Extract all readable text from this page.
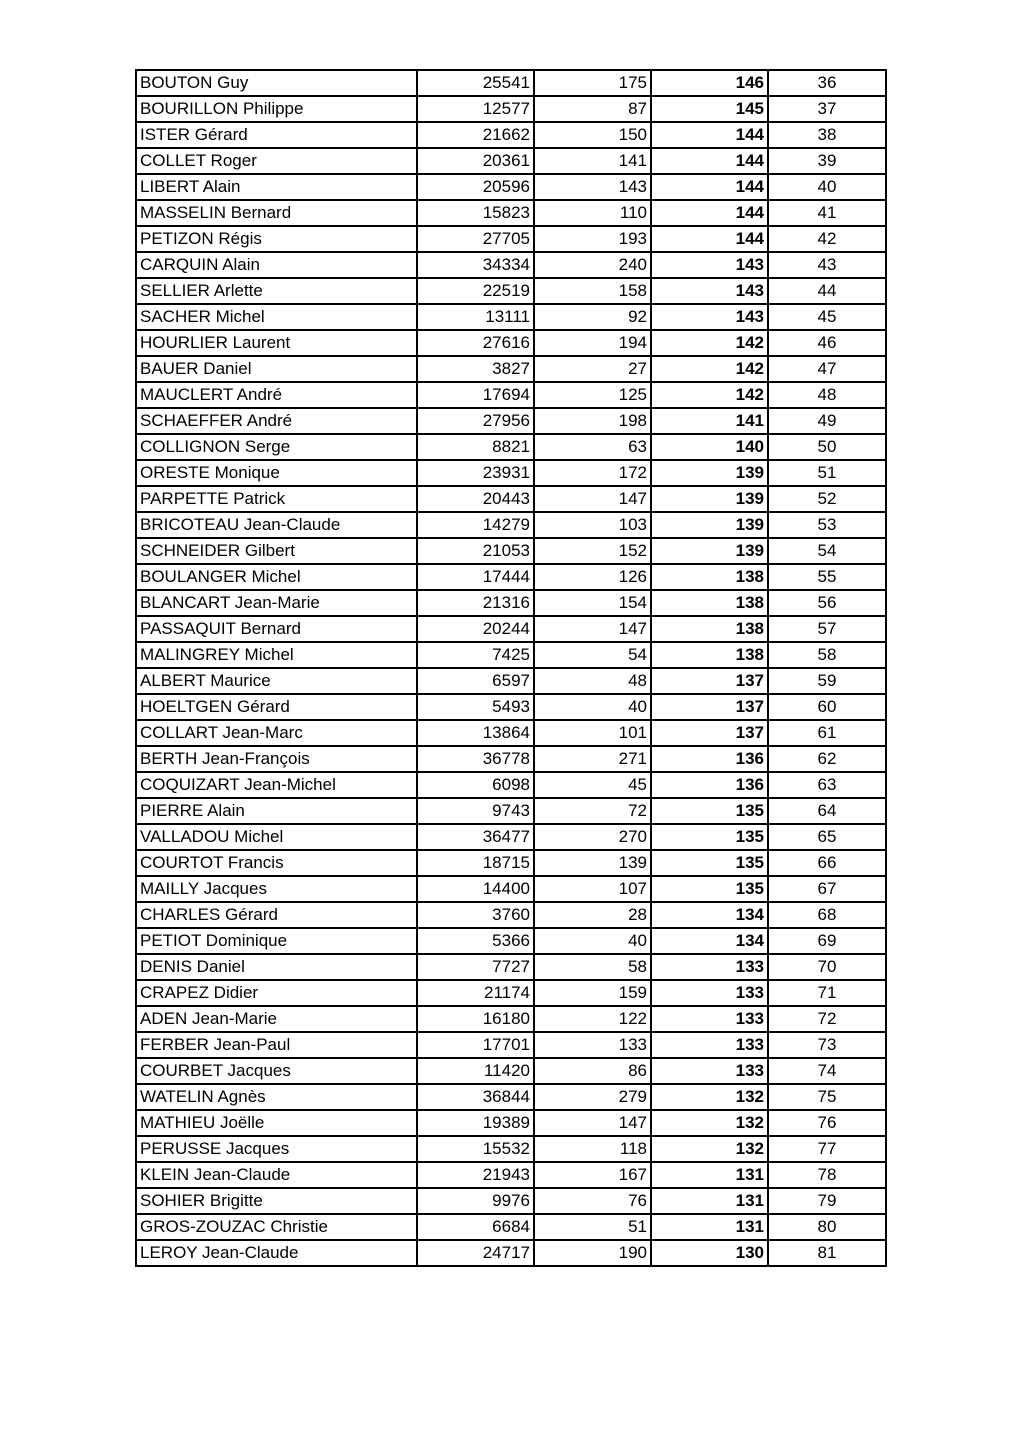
BOUTON Guy	25541	175	146	36
BOURILLON Philippe	12577	87	145	37
ISTER Gérard	21662	150	144	38
COLLET Roger	20361	141	144	39
LIBERT Alain	20596	143	144	40
MASSELIN Bernard	15823	110	144	41
PETIZON Régis	27705	193	144	42
CARQUIN Alain	34334	240	143	43
SELLIER Arlette	22519	158	143	44
SACHER Michel	13111	92	143	45
HOURLIER Laurent	27616	194	142	46
BAUER Daniel	3827	27	142	47
MAUCLERT André	17694	125	142	48
SCHAEFFER André	27956	198	141	49
COLLIGNON Serge	8821	63	140	50
ORESTE Monique	23931	172	139	51
PARPETTE Patrick	20443	147	139	52
BRICOTEAU Jean-Claude	14279	103	139	53
SCHNEIDER Gilbert	21053	152	139	54
BOULANGER Michel	17444	126	138	55
BLANCART Jean-Marie	21316	154	138	56
PASSAQUIT Bernard	20244	147	138	57
MALINGREY Michel	7425	54	138	58
ALBERT Maurice	6597	48	137	59
HOELTGEN Gérard	5493	40	137	60
COLLART Jean-Marc	13864	101	137	61
BERTH Jean-François	36778	271	136	62
COQUIZART Jean-Michel	6098	45	136	63
PIERRE Alain	9743	72	135	64
VALLADOU Michel	36477	270	135	65
COURTOT Francis	18715	139	135	66
MAILLY Jacques	14400	107	135	67
CHARLES Gérard	3760	28	134	68
PETIOT Dominique	5366	40	134	69
DENIS Daniel	7727	58	133	70
CRAPEZ Didier	21174	159	133	71
ADEN Jean-Marie	16180	122	133	72
FERBER Jean-Paul	17701	133	133	73
COURBET Jacques	11420	86	133	74
WATELIN Agnès	36844	279	132	75
MATHIEU Joëlle	19389	147	132	76
PERUSSE Jacques	15532	118	132	77
KLEIN Jean-Claude	21943	167	131	78
SOHIER Brigitte	9976	76	131	79
GROS-ZOUZAC Christie	6684	51	131	80
LEROY Jean-Claude	24717	190	130	81
